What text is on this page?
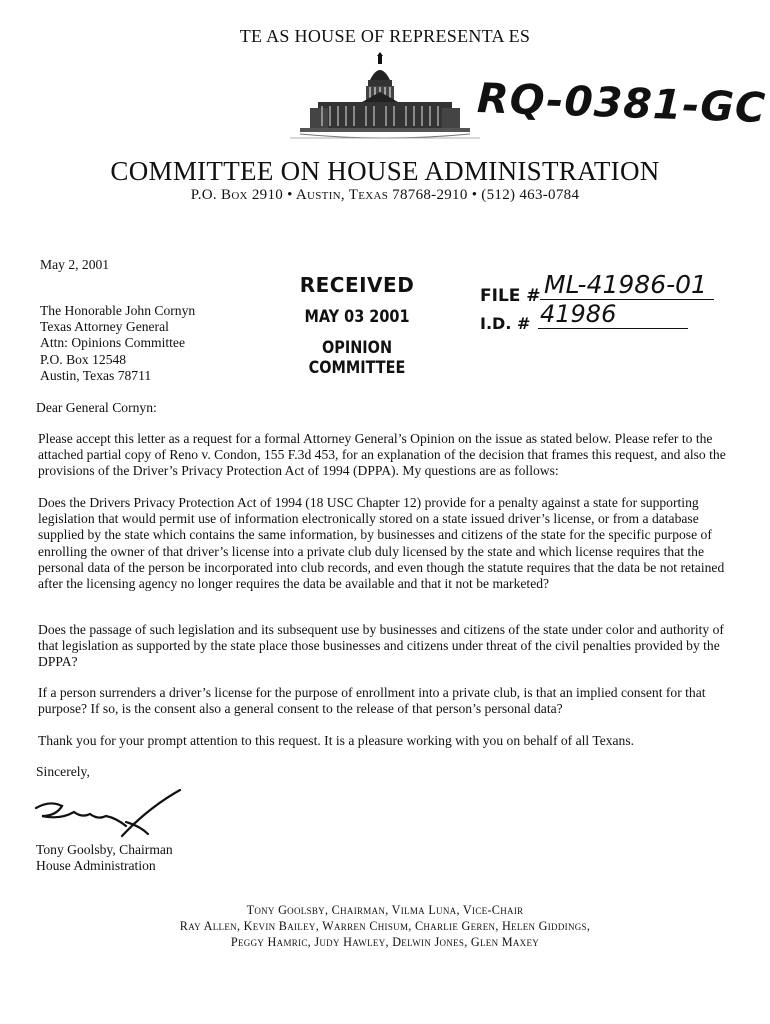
TE AS HOUSE OF REPRESENTA ES
RQ-0381-GC
COMMITTEE ON HOUSE ADMINISTRATION
P.O. Box 2910 • Austin, Texas 78768-2910 • (512) 463-0784
RECEIVED
MAY 03 2001
OPINION COMMITTEE
FILE # ML-41986-01
I.D. # 41986
May 2, 2001
The Honorable John Cornyn
Texas Attorney General
Attn: Opinions Committee
P.O. Box 12548
Austin, Texas 78711
Dear General Cornyn:
Please accept this letter as a request for a formal Attorney General’s Opinion on the issue as stated below. Please refer to the attached partial copy of Reno v. Condon, 155 F.3d 453, for an explanation of the decision that frames this request, and also the provisions of the Driver’s Privacy Protection Act of 1994 (DPPA). My questions are as follows:
Does the Drivers Privacy Protection Act of 1994 (18 USC Chapter 12) provide for a penalty against a state for supporting legislation that would permit use of information electronically stored on a state issued driver’s license, or from a database supplied by the state which contains the same information, by businesses and citizens of the state for the specific purpose of enrolling the owner of that driver’s license into a private club duly licensed by the state and which license requires that the personal data of the person be incorporated into club records, and even though the statute requires that the data be not retained after the licensing agency no longer requires the data be available and that it not be marketed?
Does the passage of such legislation and its subsequent use by businesses and citizens of the state under color and authority of that legislation as supported by the state place those businesses and citizens under threat of the civil penalties provided by the DPPA?
If a person surrenders a driver’s license for the purpose of enrollment into a private club, is that an implied consent for that purpose? If so, is the consent also a general consent to the release of that person’s personal data?
Thank you for your prompt attention to this request. It is a pleasure working with you on behalf of all Texans.
Sincerely,
Tony Goolsby, Chairman
House Administration
Tony Goolsby, Chairman, Vilma Luna, Vice-Chair
Ray Allen, Kevin Bailey, Warren Chisum, Charlie Geren, Helen Giddings,
Peggy Hamric, Judy Hawley, Delwin Jones, Glen Maxey
